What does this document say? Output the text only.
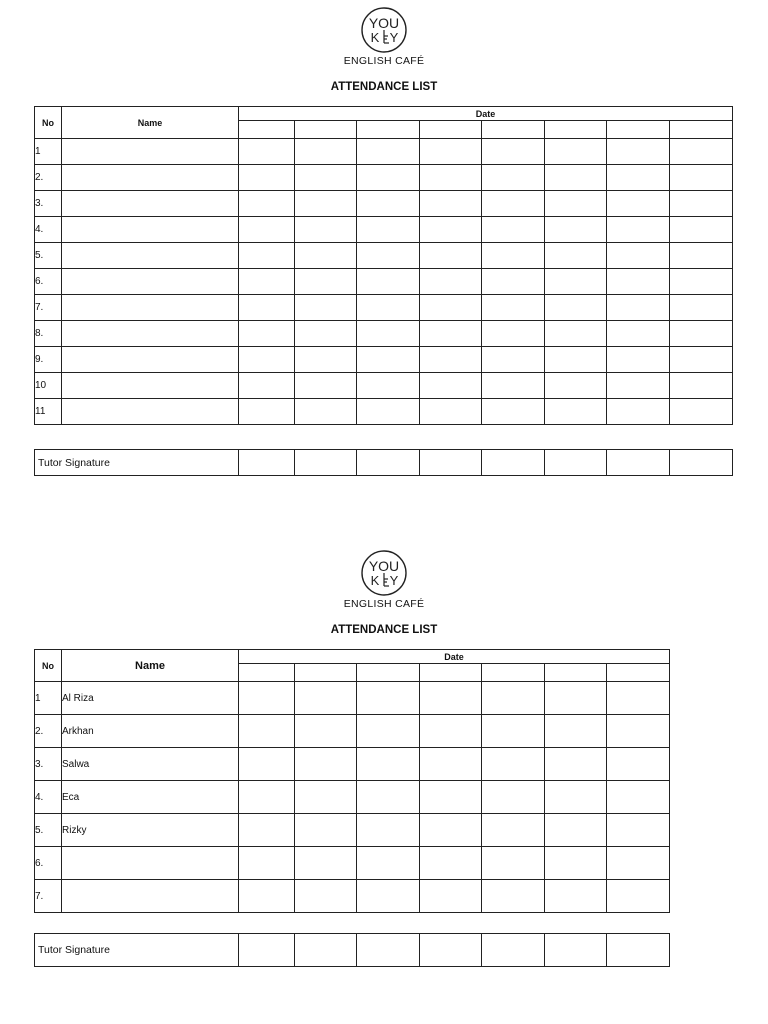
YOU
K Y
ENGLISH CAFÉ
ATTENDANCE LIST
No	Name	Date							

1									
2.									
3.									
4.									
5.									
6.									
7.									
8.									
9.									
10									
11									
Tutor Signature								
YOU
K Y
ENGLISH CAFÉ
ATTENDANCE LIST
No	Name	Date						

1	Al Riza							
2.	Arkhan							
3.	Salwa							
4.	Eca							
5.	Rizky							
6.								
7.								
Tutor Signature							
